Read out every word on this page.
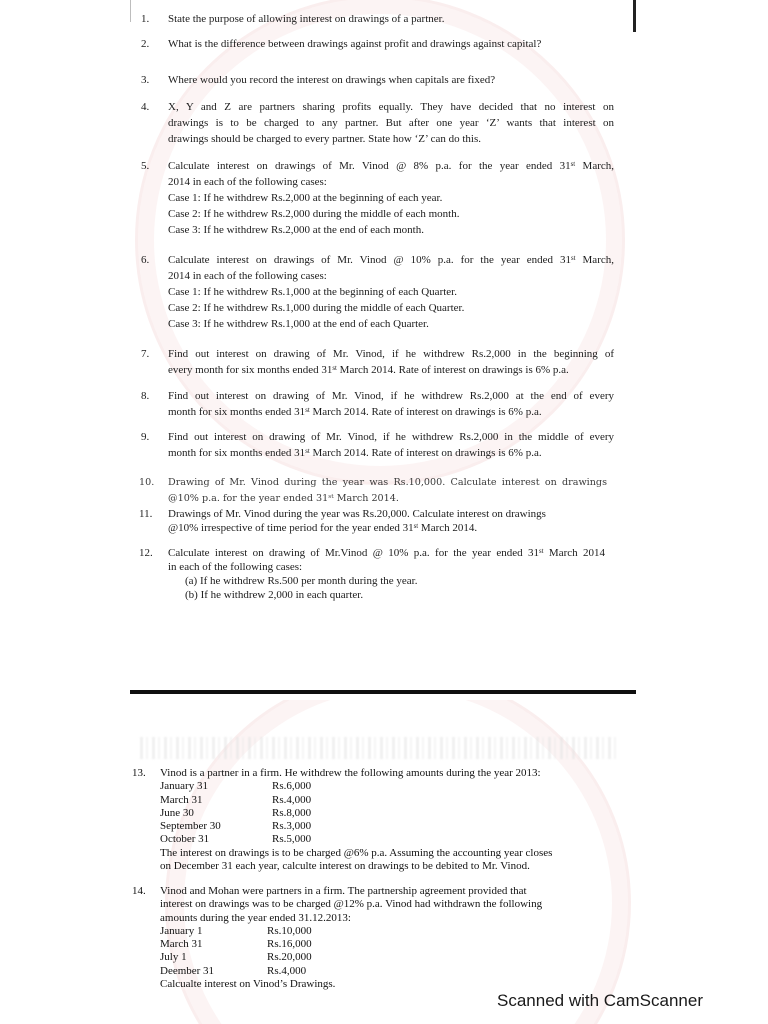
1. State the purpose of allowing interest on drawings of a partner.
2. What is the difference between drawings against profit and drawings against capital?
3. Where would you record the interest on drawings when capitals are fixed?
4. X, Y and Z are partners sharing profits equally. They have decided that no interest on
drawings is to be charged to any partner. But after one year ‘Z’ wants that interest on
drawings should be charged to every partner. State how ‘Z’ can do this.
5. Calculate interest on drawings of Mr. Vinod @ 8% p.a. for the year ended 31st March,
2014 in each of the following cases:
Case 1: If he withdrew Rs.2,000 at the beginning of each year.
Case 2: If he withdrew Rs.2,000 during the middle of each month.
Case 3: If he withdrew Rs.2,000 at the end of each month.
6. Calculate interest on drawings of Mr. Vinod @ 10% p.a. for the year ended 31st March,
2014 in each of the following cases:
Case 1: If he withdrew Rs.1,000 at the beginning of each Quarter.
Case 2: If he withdrew Rs.1,000 during the middle of each Quarter.
Case 3: If he withdrew Rs.1,000 at the end of each Quarter.
7. Find out interest on drawing of Mr. Vinod, if he withdrew Rs.2,000 in the beginning of
every month for six months ended 31st March 2014. Rate of interest on drawings is 6% p.a.
8. Find out interest on drawing of Mr. Vinod, if he withdrew Rs.2,000 at the end of every
month for six months ended 31st March 2014. Rate of interest on drawings is 6% p.a.
9. Find out interest on drawing of Mr. Vinod, if he withdrew Rs.2,000 in the middle of every
month for six months ended 31st March 2014. Rate of interest on drawings is 6% p.a.
10. Drawing of Mr. Vinod during the year was Rs.10,000. Calculate interest on drawings
@10% p.a. for the year ended 31st March 2014.
11. Drawings of Mr. Vinod during the year was Rs.20,000. Calculate interest on drawings
@10% irrespective of time period for the year ended 31st March 2014.
12. Calculate interest on drawing of Mr.Vinod @ 10% p.a. for the year ended 31st March 2014
in each of the following cases:
(a) If he withdrew Rs.500 per month during the year.
(b) If he withdrew 2,000 in each quarter.
13. Vinod is a partner in a firm. He withdrew the following amounts during the year 2013:
January 31	Rs.6,000
March 31	Rs.4,000
June 30	Rs.8,000
September 30	Rs.3,000
October 31	Rs.5,000
The interest on drawings is to be charged @6% p.a. Assuming the accounting year closes
on December 31 each year, calculte interest on drawings to be debited to Mr. Vinod.
14. Vinod and Mohan were partners in a firm. The partnership agreement provided that
interest on drawings was to be charged @12% p.a. Vinod had withdrawn the following
amounts during the year ended 31.12.2013:
January 1	Rs.10,000
March 31	Rs.16,000
July 1	Rs.20,000
Deember 31	Rs.4,000
Calcualte interest on Vinod’s Drawings.
Scanned with CamScanner
